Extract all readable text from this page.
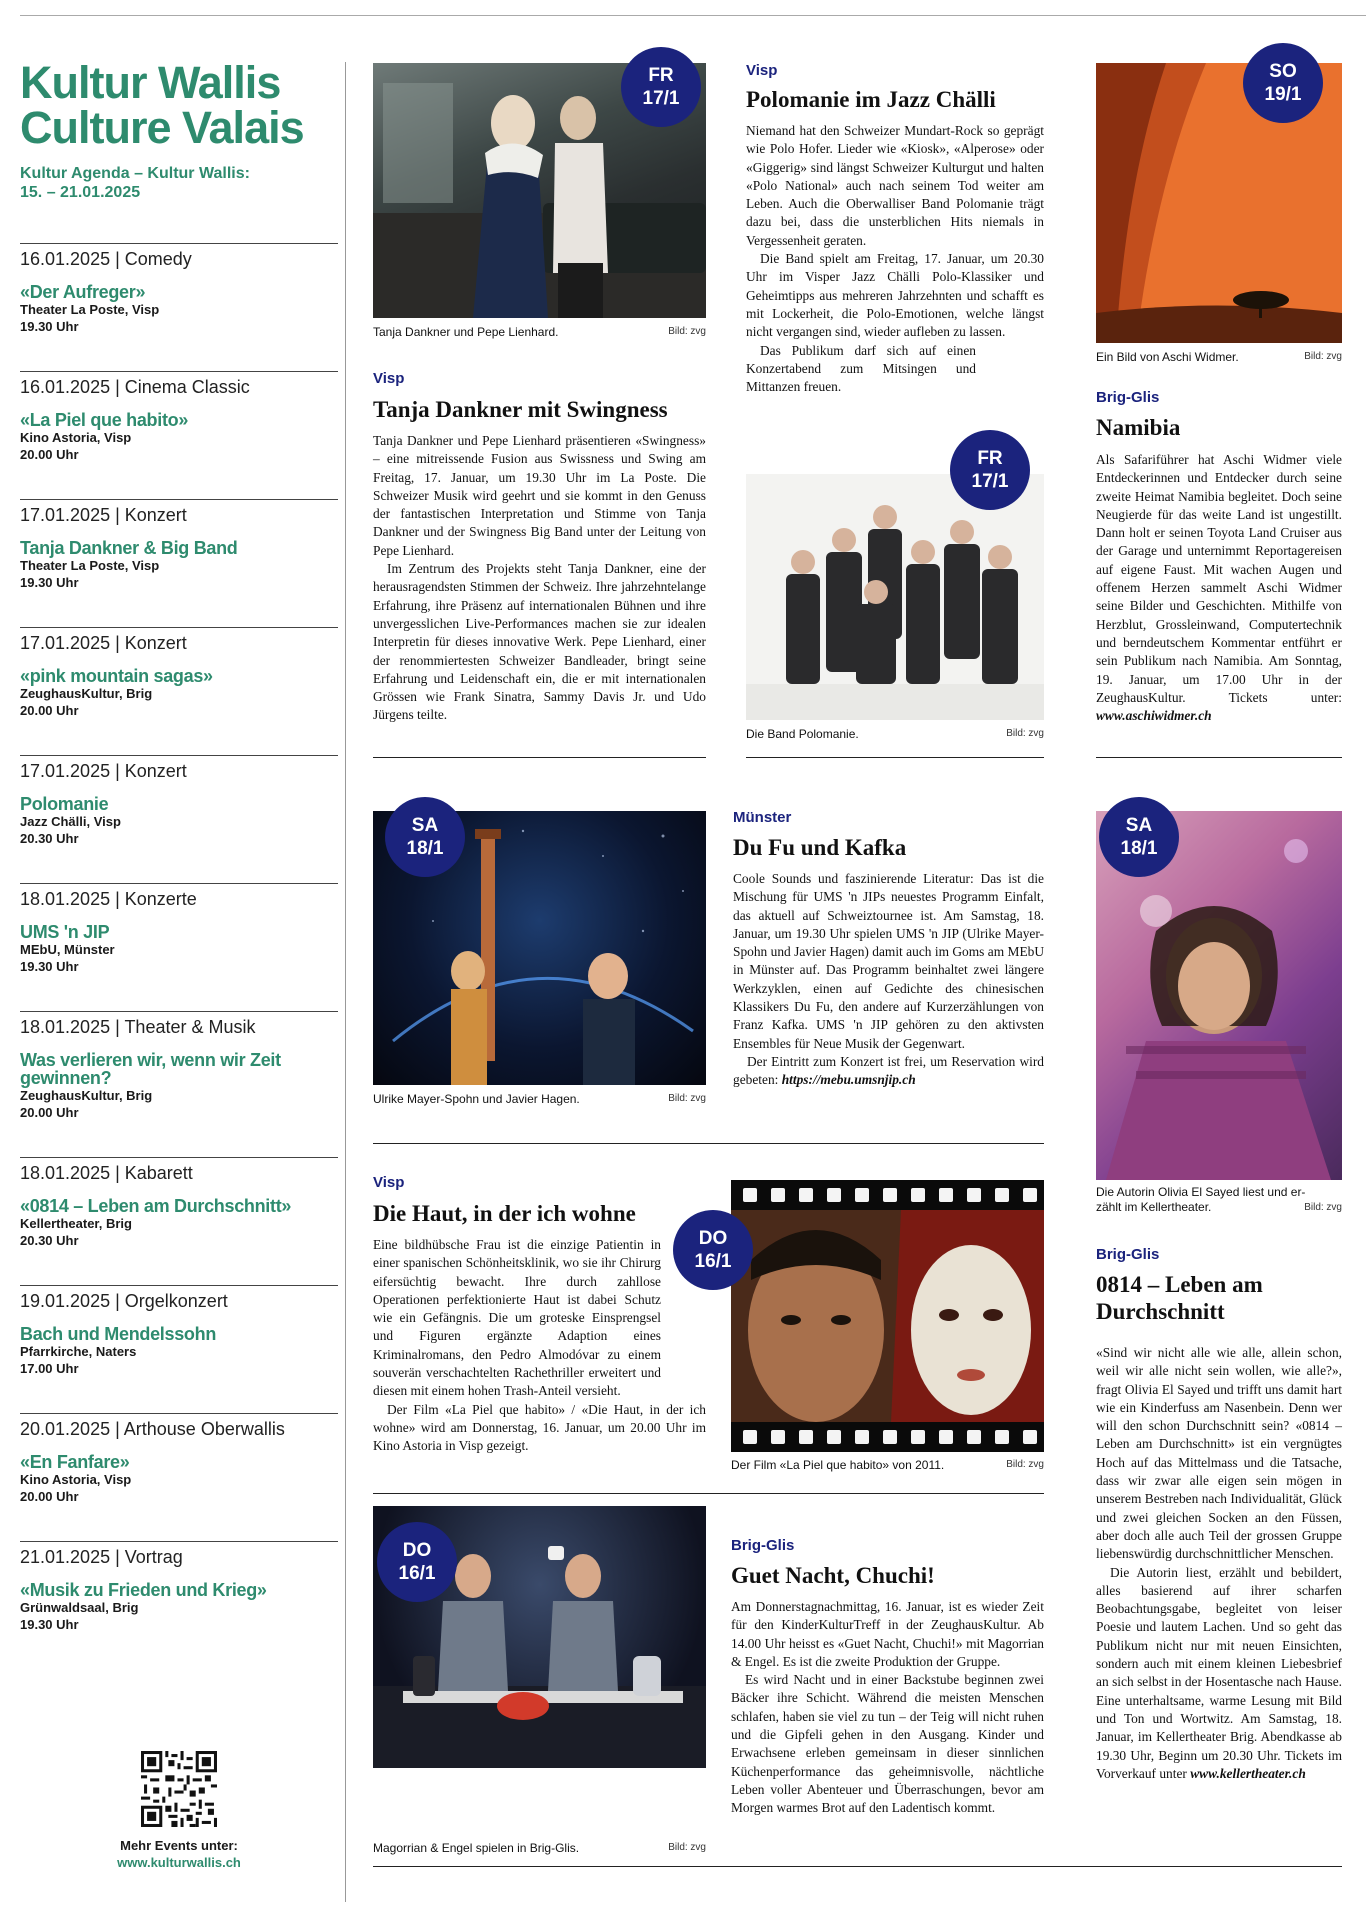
Kultur Wallis
Culture Valais
Kultur Agenda – Kultur Wallis:
15. – 21.01.2025
16.01.2025 | Comedy
«Der Aufreger»
Theater La Poste, Visp
19.30 Uhr
16.01.2025 | Cinema Classic
«La Piel que habito»
Kino Astoria, Visp
20.00 Uhr
17.01.2025 | Konzert
Tanja Dankner & Big Band
Theater La Poste, Visp
19.30 Uhr
17.01.2025 | Konzert
«pink mountain sagas»
ZeughausKultur, Brig
20.00 Uhr
17.01.2025 | Konzert
Polomanie
Jazz Chälli, Visp
20.30 Uhr
18.01.2025 | Konzerte
UMS 'n JIP
MEbU, Münster
19.30 Uhr
18.01.2025 | Theater & Musik
Was verlieren wir, wenn wir Zeit gewinnen?
ZeughausKultur, Brig
20.00 Uhr
18.01.2025 | Kabarett
«0814 – Leben am Durchschnitt»
Kellertheater, Brig
20.30 Uhr
19.01.2025 | Orgelkonzert
Bach und Mendelssohn
Pfarrkirche, Naters
17.00 Uhr
20.01.2025 | Arthouse Oberwallis
«En Fanfare»
Kino Astoria, Visp
20.00 Uhr
21.01.2025 | Vortrag
«Musik zu Frieden und Krieg»
Grünwaldsaal, Brig
19.30 Uhr
Mehr Events unter:
www.kulturwallis.ch
Tanja Dankner und Pepe Lienhard.	Bild: zvg
FR
17/1
Visp
Tanja Dankner mit Swingness

Tanja Dankner und Pepe Lienhard präsentieren «Swingness» – eine mitreissende Fusion aus Swissness und Swing am Freitag, 17. Januar, um 19.30 Uhr im La Poste. Die Schweizer Musik wird geehrt und sie kommt in den Genuss der fantastischen Interpretation und Stimme von Tanja Dankner und der Swingness Big Band unter der Leitung von Pepe Lienhard.

Im Zentrum des Projekts steht Tanja Dankner, eine der herausragendsten Stimmen der Schweiz. Ihre jahrzehntelange Erfahrung, ihre Präsenz auf internationalen Bühnen und ihre unvergesslichen Live-Performances machen sie zur idealen Interpretin für dieses innovative Werk. Pepe Lienhard, einer der renommiertesten Schweizer Bandleader, bringt seine Erfahrung und Leidenschaft ein, die er mit internationalen Grössen wie Frank Sinatra, Sammy Davis Jr. und Udo Jürgens teilte.

Visp
Polomanie im Jazz Chälli

Niemand hat den Schweizer Mundart-Rock so geprägt wie Polo Hofer. Lieder wie «Kiosk», «Alperose» oder «Giggerig» sind längst Schweizer Kulturgut und halten «Polo National» auch nach seinem Tod weiter am Leben. Auch die Oberwalliser Band Polomanie trägt dazu bei, dass die unsterblichen Hits niemals in Vergessenheit geraten.

Die Band spielt am Freitag, 17. Januar, um 20.30 Uhr im Visper Jazz Chälli Polo-Klassiker und Geheimtipps aus mehreren Jahrzehnten und schafft es mit Lockerheit, die Polo-Emotionen, welche längst nicht vergangen sind, wieder aufleben zu lassen.

Das Publikum darf sich auf einen Konzertabend zum Mitsingen und Mittanzen freuen.

Die Band Polomanie.	Bild: zvg
FR
17/1
Ein Bild von Aschi Widmer.	Bild: zvg
SO
19/1
Brig-Glis
Namibia

Als Safariführer hat Aschi Widmer viele Entdeckerinnen und Entdecker durch seine zweite Heimat Namibia begleitet. Doch seine Neugierde für das weite Land ist ungestillt. Dann holt er seinen Toyota Land Cruiser aus der Garage und unternimmt Reportagereisen auf eigene Faust. Mit wachen Augen und offenem Herzen sammelt Aschi Widmer seine Bilder und Geschichten. Mithilfe von Herzblut, Grossleinwand, Computertechnik und berndeutschem Kommentar entführt er sein Publikum nach Namibia. Am Sonntag, 19. Januar, um 17.00 Uhr in der ZeughausKultur. Tickets unter: www.aschiwidmer.ch

Ulrike Mayer-Spohn und Javier Hagen.	Bild: zvg
SA
18/1
Münster
Du Fu und Kafka

Coole Sounds und faszinierende Literatur: Das ist die Mischung für UMS 'n JIPs neuestes Programm Einfalt, das aktuell auf Schweiztournee ist. Am Samstag, 18. Januar, um 19.30 Uhr spielen UMS 'n JIP (Ulrike Mayer-Spohn und Javier Hagen) damit auch im Goms am MEbU in Münster auf. Das Programm beinhaltet zwei längere Werkzyklen, einen auf Gedichte des chinesischen Klassikers Du Fu, den andere auf Kurzerzählungen von Franz Kafka. UMS 'n JIP gehören zu den aktivsten Ensembles für Neue Musik der Gegenwart.

Der Eintritt zum Konzert ist frei, um Reservation wird gebeten: https://mebu.umsnjip.ch

Die Autorin Olivia El Sayed liest und er-
zählt im Kellertheater.	Bild: zvg
SA
18/1
Brig-Glis
0814 – Leben am Durchschnitt

«Sind wir nicht alle wie alle, allein schon, weil wir alle nicht sein wollen, wie alle?», fragt Olivia El Sayed und trifft uns damit hart wie ein Kinderfuss am Nasenbein. Denn wer will den schon Durchschnitt sein? «0814 – Leben am Durchschnitt» ist ein vergnügtes Hoch auf das Mittelmass und die Tatsache, dass wir zwar alle eigen sein mögen in unserem Bestreben nach Individualität, Glück und zwei gleichen Socken an den Füssen, aber doch alle auch Teil der grossen Gruppe liebenswürdig durchschnittlicher Menschen.

Die Autorin liest, erzählt und bebildert, alles basierend auf ihrer scharfen Beobachtungsgabe, begleitet von leiser Poesie und lautem Lachen. Und so geht das Publikum nicht nur mit neuen Einsichten, sondern auch mit einem kleinen Liebesbrief an sich selbst in der Hosentasche nach Hause. Eine unterhaltsame, warme Lesung mit Bild und Ton und Wortwitz. Am Samstag, 18. Januar, im Kellertheater Brig. Abendkasse ab 19.30 Uhr, Beginn um 20.30 Uhr. Tickets im Vorverkauf unter www.kellertheater.ch

Visp
Die Haut, in der ich wohne

Eine bildhübsche Frau ist die einzige Patientin in einer spanischen Schönheitsklinik, wo sie ihr Chirurg eifersüchtig bewacht. Ihre durch zahllose Operationen perfektionierte Haut ist dabei Schutz wie ein Gefängnis. Die um groteske Einsprengsel und Figuren ergänzte Adaption eines Kriminalromans, den Pedro Almodóvar zu einem souverän verschachtelten Rachethriller erweitert und diesen mit einem hohen Trash-Anteil versieht.

Der Film «La Piel que habito» / «Die Haut, in der ich wohne» wird am Donnerstag, 16. Januar, um 20.00 Uhr im Kino Astoria in Visp gezeigt.

Der Film «La Piel que habito» von 2011.	Bild: zvg
DO
16/1
Magorrian & Engel spielen in Brig-Glis.	Bild: zvg
DO
16/1
Brig-Glis
Guet Nacht, Chuchi!

Am Donnerstagnachmittag, 16. Januar, ist es wieder Zeit für den KinderKulturTreff in der ZeughausKultur. Ab 14.00 Uhr heisst es «Guet Nacht, Chuchi!» mit Magorrian & Engel. Es ist die zweite Produktion der Gruppe.

Es wird Nacht und in einer Backstube beginnen zwei Bäcker ihre Schicht. Während die meisten Menschen schlafen, haben sie viel zu tun – der Teig will nicht ruhen und die Gipfeli gehen in den Ausgang. Kinder und Erwachsene erleben gemeinsam in dieser sinnlichen Küchenperformance das geheimnisvolle, nächtliche Leben voller Abenteuer und Überraschungen, bevor am Morgen warmes Brot auf den Ladentisch kommt.
